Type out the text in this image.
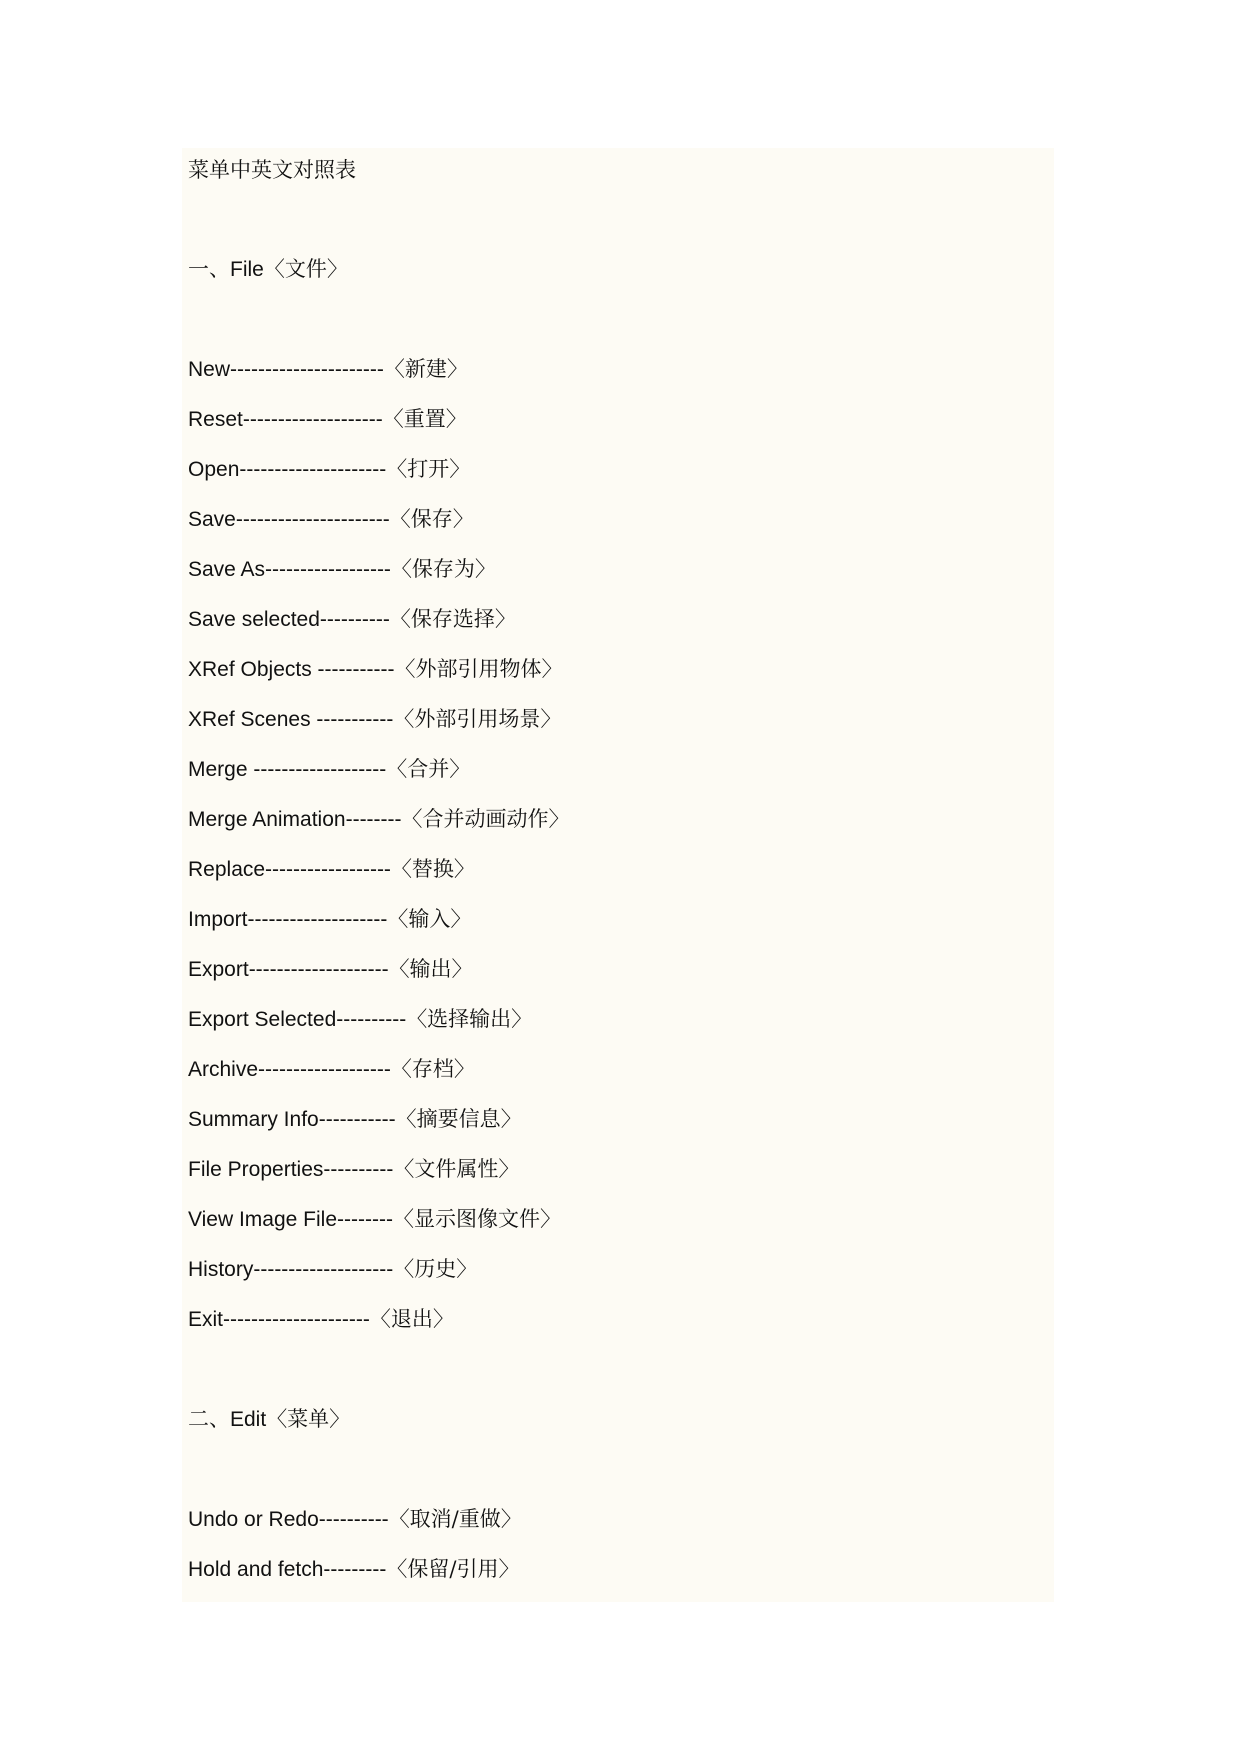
菜单中英文对照表

一、File〈文件〉

New----------------------〈新建〉

Reset--------------------〈重置〉

Open---------------------〈打开〉

Save----------------------〈保存〉

Save As------------------〈保存为〉

Save selected----------〈保存选择〉

XRef Objects -----------〈外部引用物体〉

XRef Scenes -----------〈外部引用场景〉

Merge -------------------〈合并〉

Merge Animation--------〈合并动画动作〉

Replace------------------〈替换〉

Import--------------------〈输入〉

Export--------------------〈输出〉

Export Selected----------〈选择输出〉

Archive-------------------〈存档〉

Summary Info-----------〈摘要信息〉

File Properties----------〈文件属性〉

View Image File--------〈显示图像文件〉

History--------------------〈历史〉

Exit---------------------〈退出〉

二、Edit〈菜单〉

Undo or Redo----------〈取消/重做〉

Hold and fetch---------〈保留/引用〉
